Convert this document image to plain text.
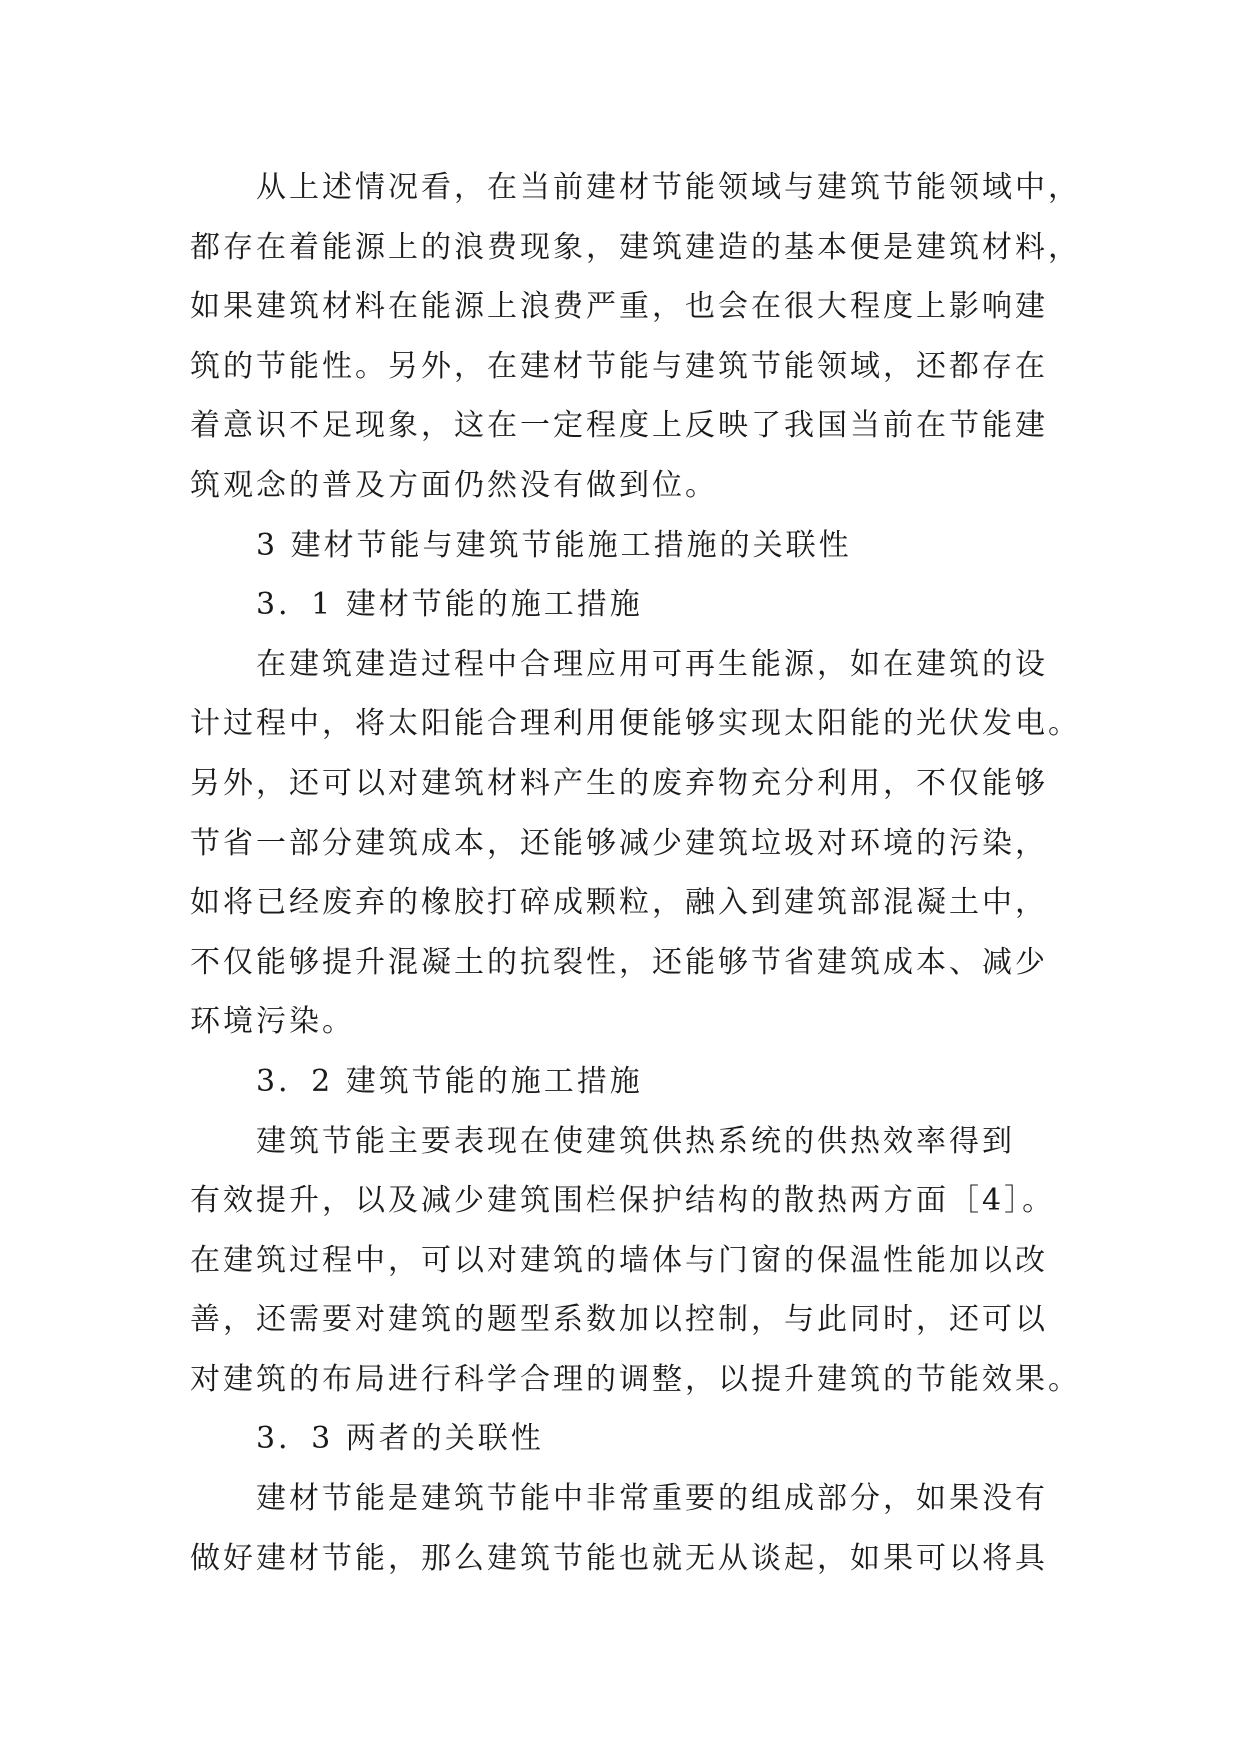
从上述情况看，在当前建材节能领域与建筑节能领域中，
都存在着能源上的浪费现象，建筑建造的基本便是建筑材料，
如果建筑材料在能源上浪费严重，也会在很大程度上影响建
筑的节能性。另外，在建材节能与建筑节能领域，还都存在
着意识不足现象，这在一定程度上反映了我国当前在节能建
筑观念的普及方面仍然没有做到位。
3 建材节能与建筑节能施工措施的关联性
3．1 建材节能的施工措施
在建筑建造过程中合理应用可再生能源，如在建筑的设
计过程中，将太阳能合理利用便能够实现太阳能的光伏发电。
另外，还可以对建筑材料产生的废弃物充分利用，不仅能够
节省一部分建筑成本，还能够减少建筑垃圾对环境的污染，
如将已经废弃的橡胶打碎成颗粒，融入到建筑部混凝土中，
不仅能够提升混凝土的抗裂性，还能够节省建筑成本、减少
环境污染。
3．2 建筑节能的施工措施
建筑节能主要表现在使建筑供热系统的供热效率得到
有效提升，以及减少建筑围栏保护结构的散热两方面［4］。
在建筑过程中，可以对建筑的墙体与门窗的保温性能加以改
善，还需要对建筑的题型系数加以控制，与此同时，还可以
对建筑的布局进行科学合理的调整，以提升建筑的节能效果。
3．3 两者的关联性
建材节能是建筑节能中非常重要的组成部分，如果没有
做好建材节能，那么建筑节能也就无从谈起，如果可以将具
